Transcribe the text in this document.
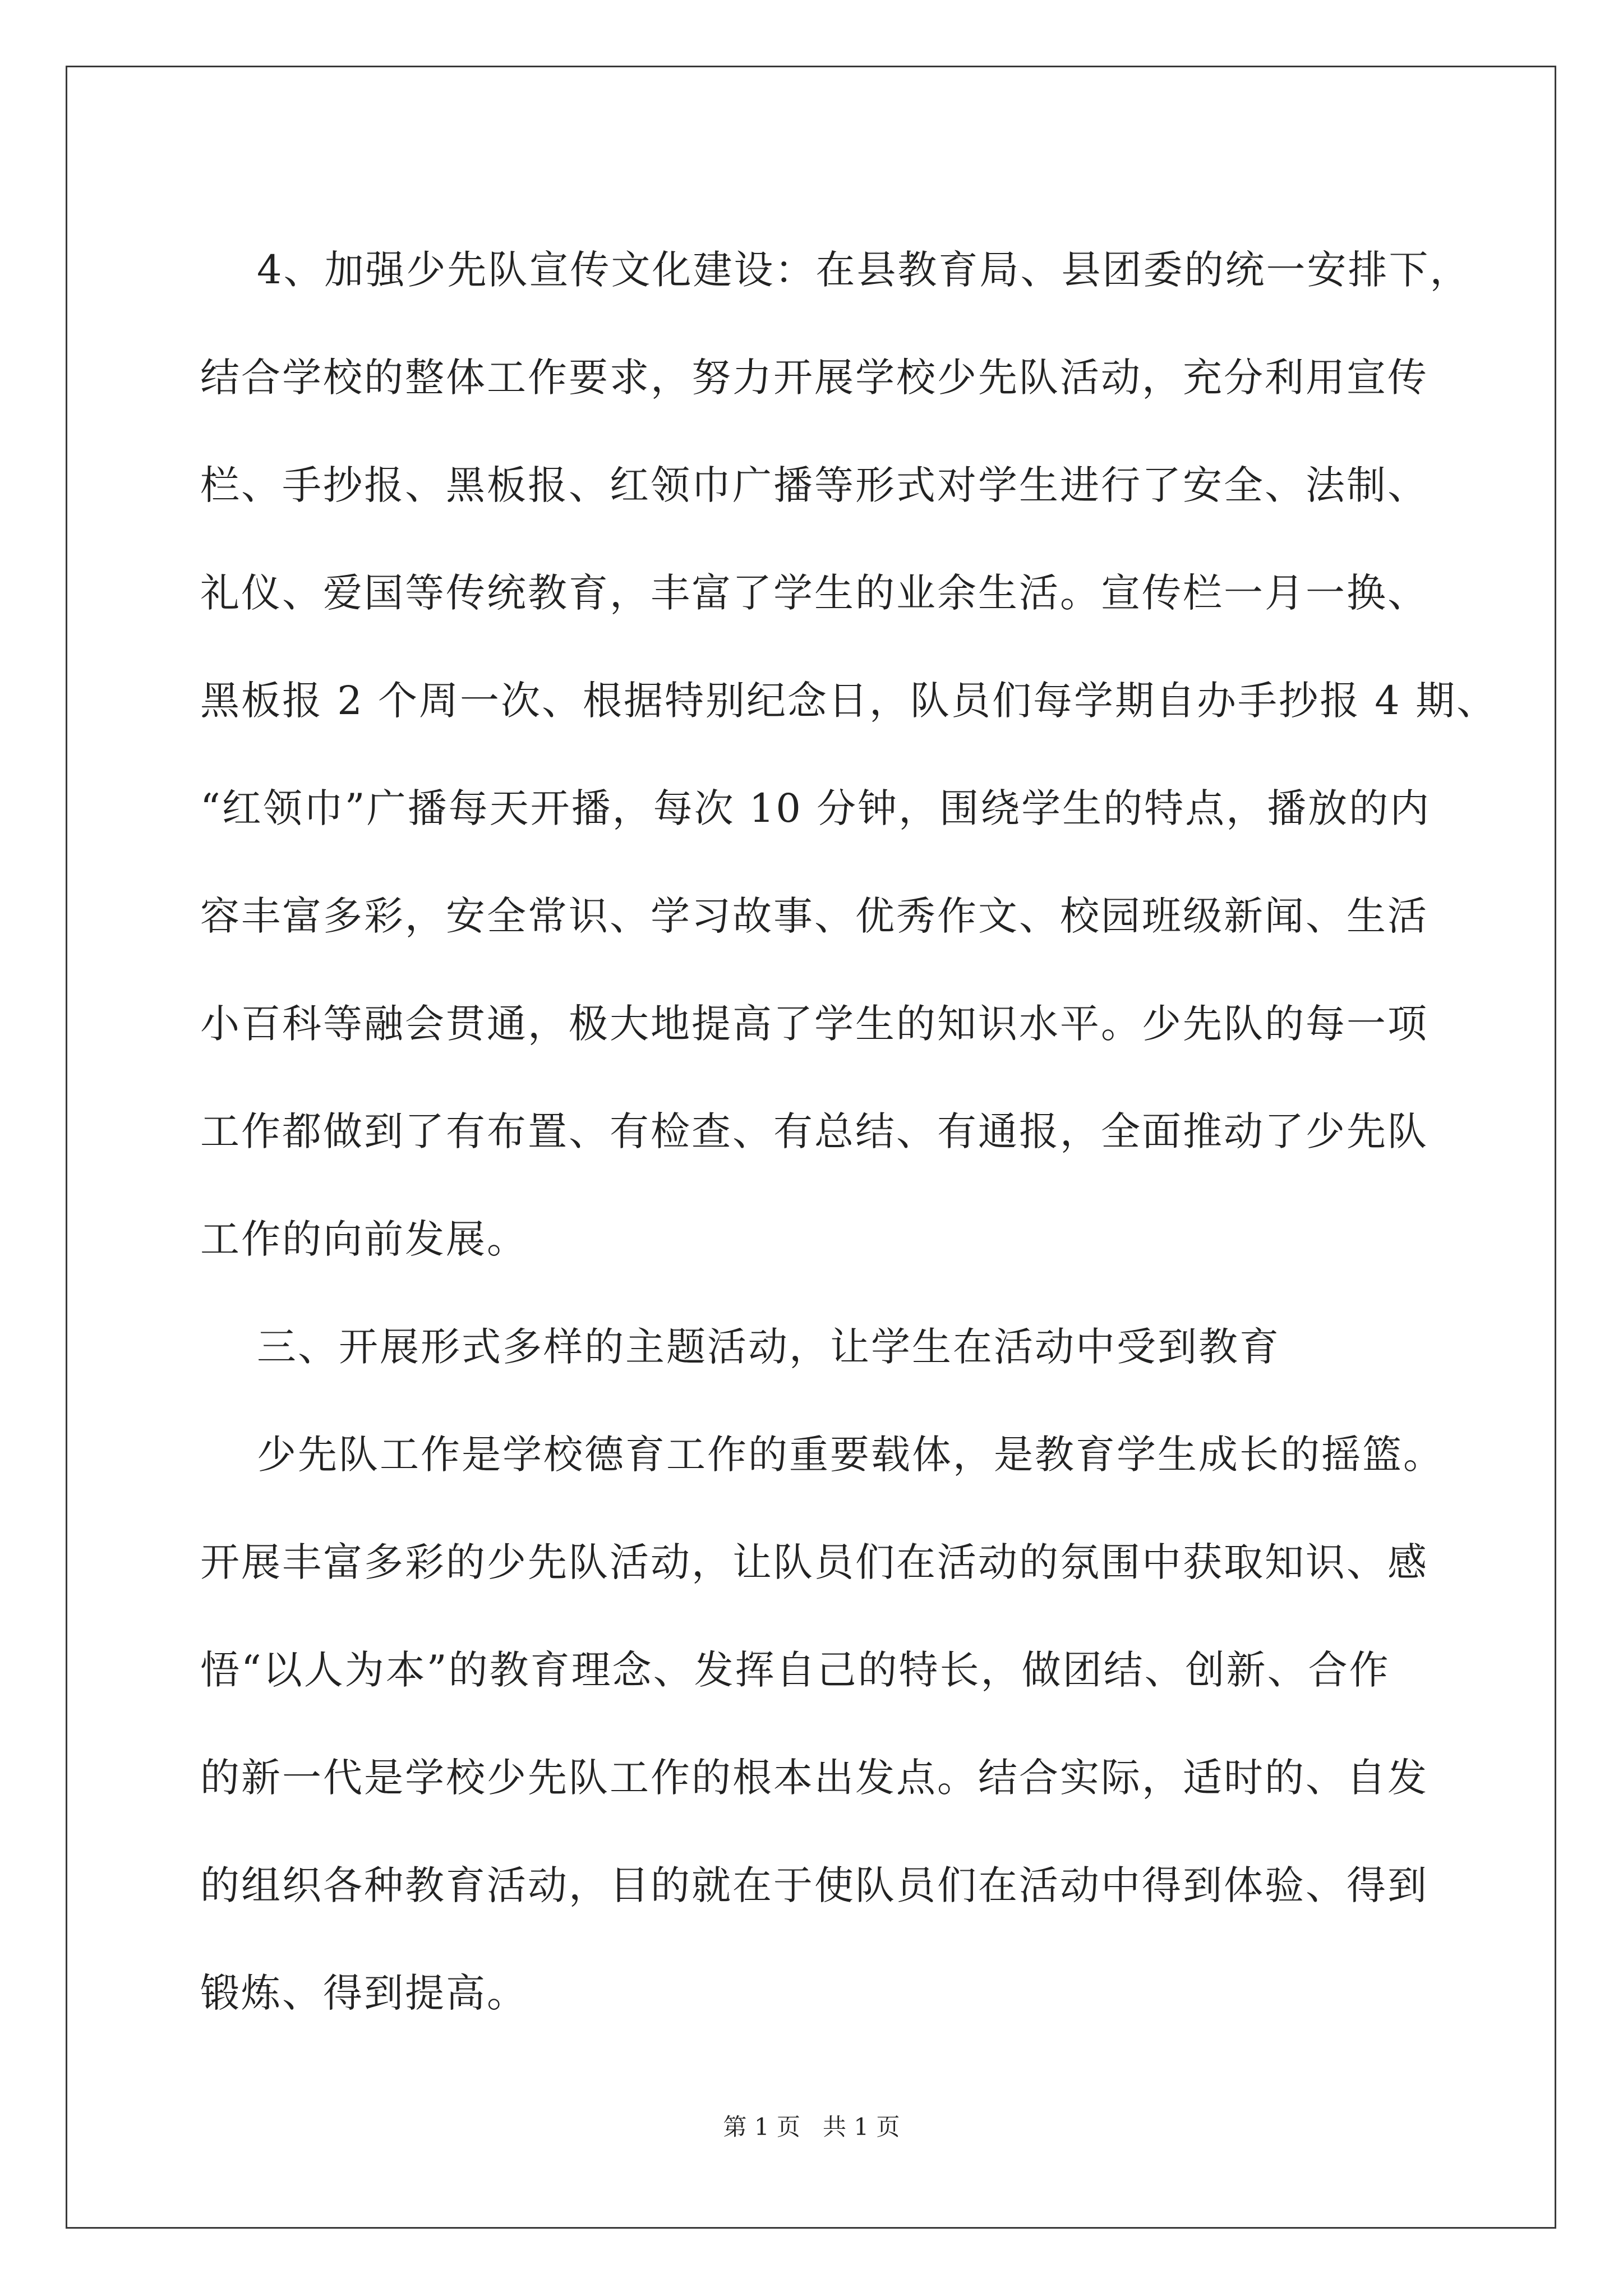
4、加强少先队宣传文化建设：在县教育局、县团委的统一安排下，
结合学校的整体工作要求，努力开展学校少先队活动，充分利用宣传
栏、手抄报、黑板报、红领巾广播等形式对学生进行了安全、法制、
礼仪、爱国等传统教育，丰富了学生的业余生活。宣传栏一月一换、
黑板报 2 个周一次、根据特别纪念日，队员们每学期自办手抄报 4 期、
“红领巾”广播每天开播，每次 10 分钟，围绕学生的特点，播放的内
容丰富多彩，安全常识、学习故事、优秀作文、校园班级新闻、生活
小百科等融会贯通，极大地提高了学生的知识水平。少先队的每一项
工作都做到了有布置、有检查、有总结、有通报，全面推动了少先队
工作的向前发展。
三、开展形式多样的主题活动，让学生在活动中受到教育
少先队工作是学校德育工作的重要载体，是教育学生成长的摇篮。
开展丰富多彩的少先队活动，让队员们在活动的氛围中获取知识、感
悟“以人为本”的教育理念、发挥自己的特长，做团结、创新、合作
的新一代是学校少先队工作的根本出发点。结合实际，适时的、自发
的组织各种教育活动，目的就在于使队员们在活动中得到体验、得到
锻炼、得到提高。
第 1 页   共 1 页
